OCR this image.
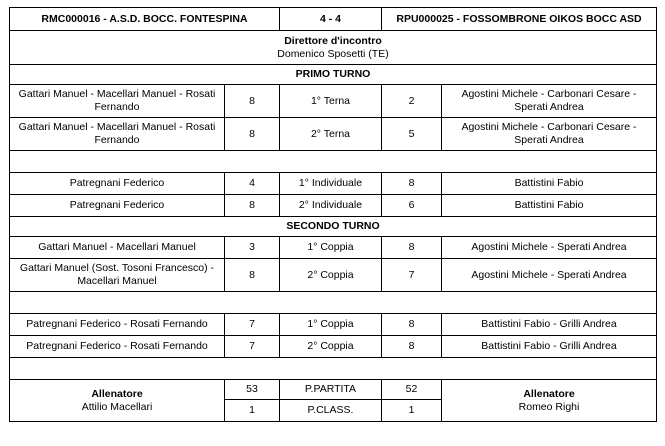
RMC000016 - A.S.D. BOCC. FONTESPINA		4 - 4	RPU000025 - FOSSOMBRONE OIKOS BOCC ASD	

Direttore d'incontro
Domenico Sposetti (TE)				

PRIMO TURNO				
Gattari Manuel - Macellari Manuel - Rosati Fernando	8	1° Terna	2	Agostini Michele - Carbonari Cesare - Sperati Andrea
Gattari Manuel - Macellari Manuel - Rosati Fernando	8	2° Terna	5	Agostini Michele - Carbonari Cesare - Sperati Andrea

Patregnani Federico	4	1° Individuale	8	Battistini Fabio
Patregnani Federico	8	2° Individuale	6	Battistini Fabio
SECONDO TURNO				
Gattari Manuel - Macellari Manuel	3	1° Coppia	8	Agostini Michele - Sperati Andrea
Gattari Manuel (Sost. Tosoni Francesco) - Macellari Manuel	8	2° Coppia	7	Agostini Michele - Sperati Andrea

Patregnani Federico - Rosati Fernando	7	1° Coppia	8	Battistini Fabio - Grilli Andrea
Patregnani Federico - Rosati Fernando	7	2° Coppia	8	Battistini Fabio - Grilli Andrea

Allenatore
Attilio Macellari	53	P.PARTITA	52	Allenatore
Romeo Righi

	1	P.CLASS.	1	
